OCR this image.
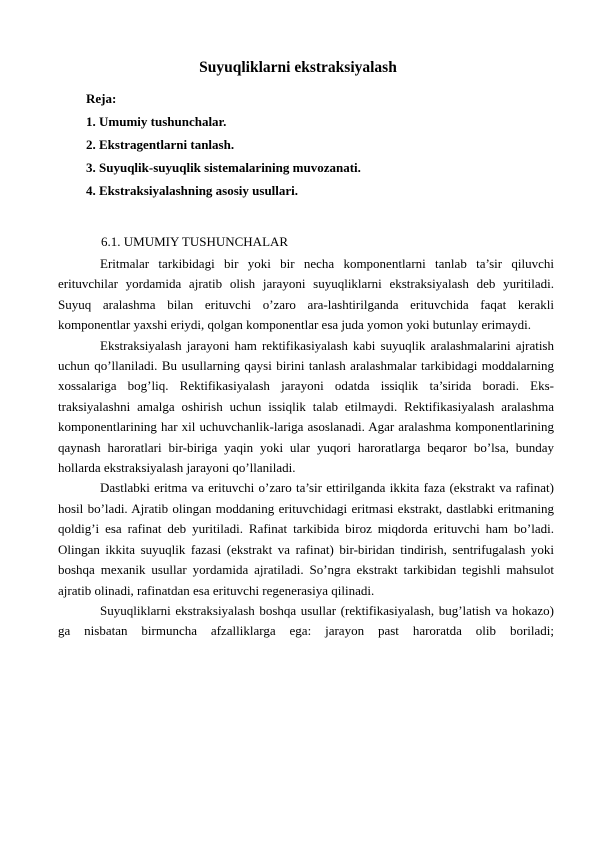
Suyuqliklarni ekstraksiyalash
Reja:
1. Umumiy tushunchalar.
2. Ekstragentlarni tanlash.
3. Suyuqlik-suyuqlik sistemalarining muvozanati.
4. Ekstraksiyalashning asosiy usullari.
6.1. UMUMIY TUSHUNCHALAR

Eritmalar tarkibidagi bir yoki bir necha komponentlarni tanlab ta’sir qiluvchi erituvchilar yordamida ajratib olish jarayoni suyuqliklarni ekstraksiyalash deb yuritiladi. Suyuq aralashma bilan erituvchi o’zaro ara-lashtirilganda erituvchida faqat kerakli komponentlar yaxshi eriydi, qolgan komponentlar esa juda yomon yoki butunlay erimaydi.

Ekstraksiyalash jarayoni ham rektifikasiyalash kabi suyuqlik aralashmalarini ajratish uchun qo’llaniladi. Bu usullarning qaysi birini tanlash aralashmalar tarkibidagi moddalarning xossalariga bog’liq. Rektifikasiyalash jarayoni odatda issiqlik ta’sirida boradi. Eks-traksiyalashni amalga oshirish uchun issiqlik talab etilmaydi. Rektifikasiyalash aralashma komponentlarining har xil uchuvchanlik-lariga asoslanadi. Agar aralashma komponentlarining qaynash haroratlari bir-biriga yaqin yoki ular yuqori haroratlarga beqaror bo’lsa, bunday hollarda ekstraksiyalash jarayoni qo’llaniladi.

Dastlabki eritma va erituvchi o’zaro ta’sir ettirilganda ikkita faza (ekstrakt va rafinat) hosil bo’ladi. Ajratib olingan moddaning erituvchidagi eritmasi ekstrakt, dastlabki eritmaning qoldig’i esa rafinat deb yuritiladi. Rafinat tarkibida biroz miqdorda erituvchi ham bo’ladi. Olingan ikkita suyuqlik fazasi (ekstrakt va rafinat) bir-biridan tindirish, sentrifugalash yoki boshqa mexanik usullar yordamida ajratiladi. So’ngra ekstrakt tarkibidan tegishli mahsulot ajratib olinadi, rafinatdan esa erituvchi regenerasiya qilinadi.

Suyuqliklarni ekstraksiyalash boshqa usullar (rektifikasiyalash, bug’latish va hokazo) ga nisbatan birmuncha afzalliklarga ega: jarayon past haroratda olib boriladi;
